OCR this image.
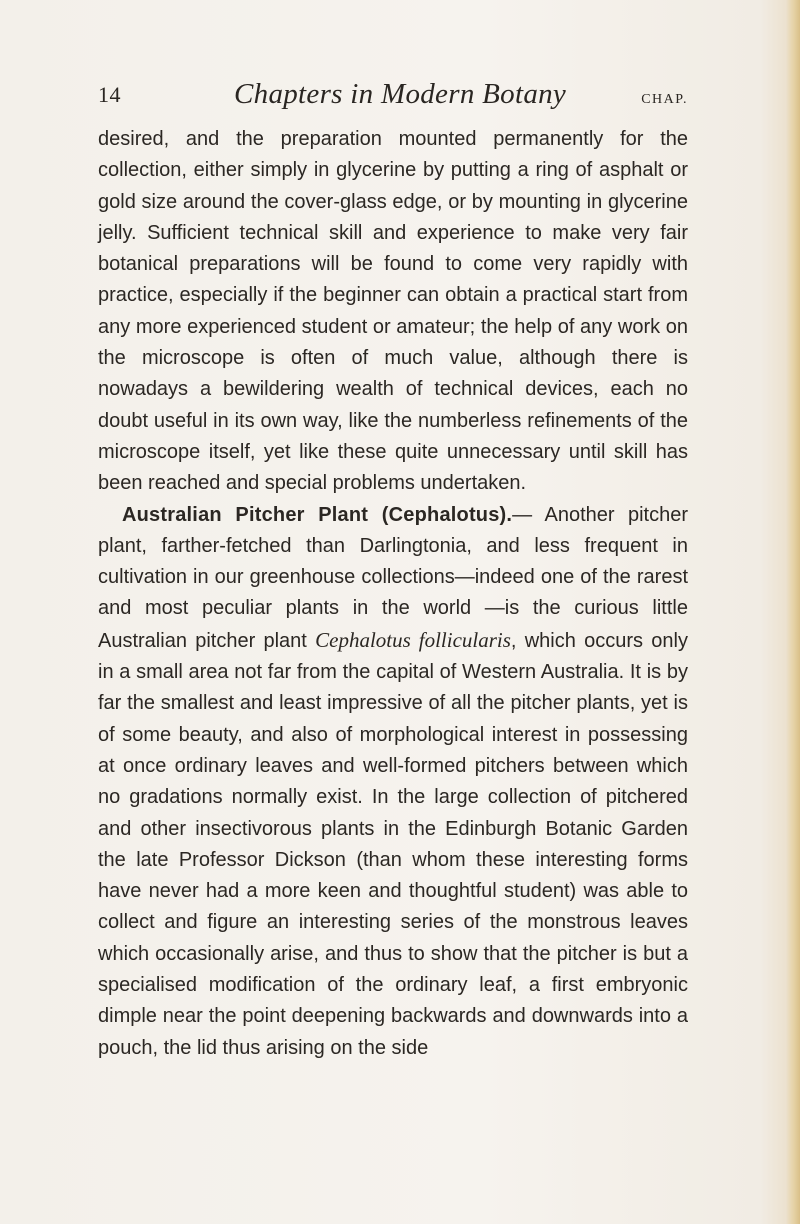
14	Chapters in Modern Botany	CHAP.

desired, and the preparation mounted permanently for the collection, either simply in glycerine by putting a ring of asphalt or gold size around the cover-glass edge, or by mounting in glycerine jelly. Sufficient technical skill and experience to make very fair botanical preparations will be found to come very rapidly with practice, especially if the beginner can obtain a practical start from any more experienced student or amateur; the help of any work on the microscope is often of much value, although there is nowadays a bewildering wealth of technical devices, each no doubt useful in its own way, like the numberless refinements of the microscope itself, yet like these quite unnecessary until skill has been reached and special problems undertaken.

Australian Pitcher Plant (Cephalotus).— Another pitcher plant, farther-fetched than Darlingtonia, and less frequent in cultivation in our greenhouse collections—indeed one of the rarest and most peculiar plants in the world —is the curious little Australian pitcher plant Cephalotus follicularis, which occurs only in a small area not far from the capital of Western Australia. It is by far the smallest and least impressive of all the pitcher plants, yet is of some beauty, and also of morphological interest in possessing at once ordinary leaves and well-formed pitchers between which no gradations normally exist. In the large collection of pitchered and other insectivorous plants in the Edinburgh Botanic Garden the late Professor Dickson (than whom these interesting forms have never had a more keen and thoughtful student) was able to collect and figure an interesting series of the monstrous leaves which occasionally arise, and thus to show that the pitcher is but a specialised modification of the ordinary leaf, a first embryonic dimple near the point deepening backwards and downwards into a pouch, the lid thus arising on the side
